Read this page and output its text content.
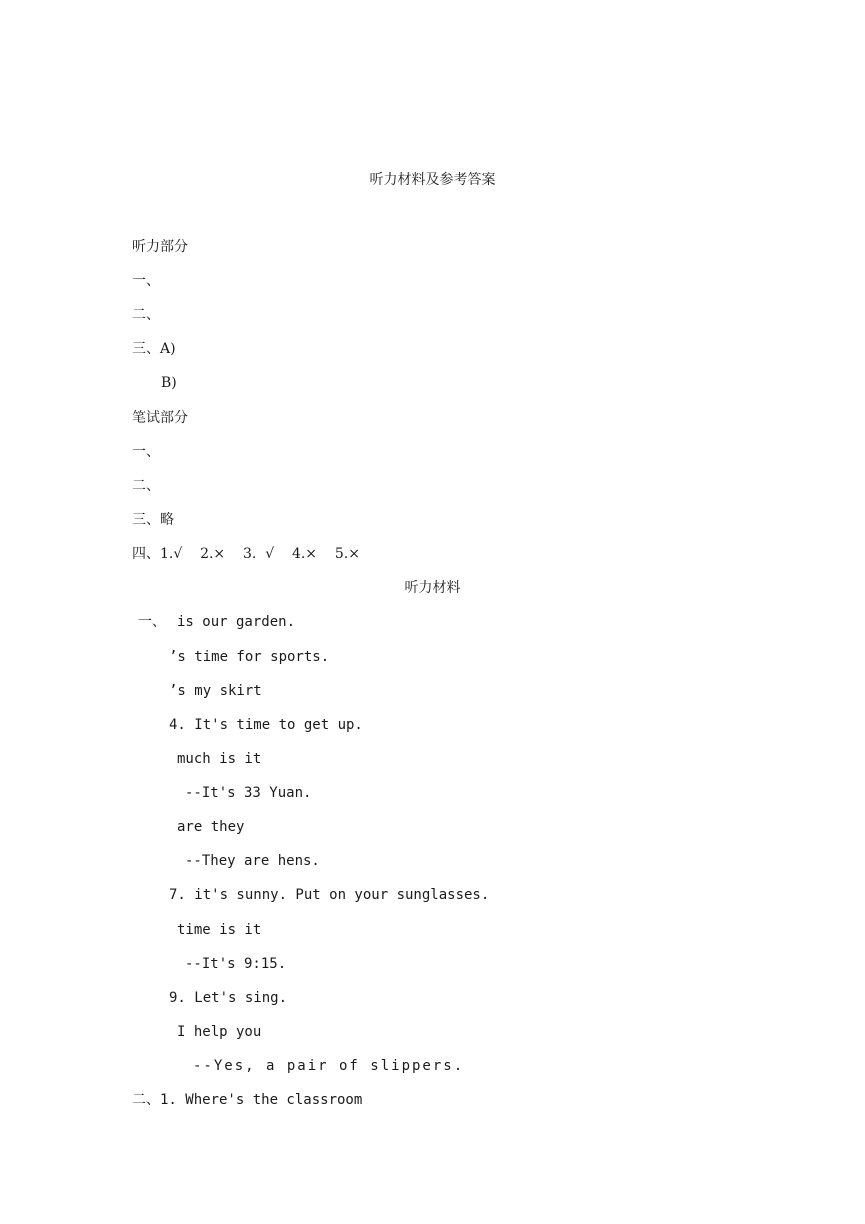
听力材料及参考答案
听力部分
一、
二、
三、A)
B)
笔试部分
一、
二、
三、略
四、1.√    2.×    3.  √    4.×    5.×
听力材料
一、 is our garden.
’s time for sports.
’s my skirt
4. It's time to get up.
much is it
--It's 33 Yuan.
are they
--They are hens.
7. it's sunny. Put on your sunglasses.
time is it
--It's 9:15.
9. Let's sing.
I help you
--Yes, a pair of slippers.
二、1. Where's the classroom
